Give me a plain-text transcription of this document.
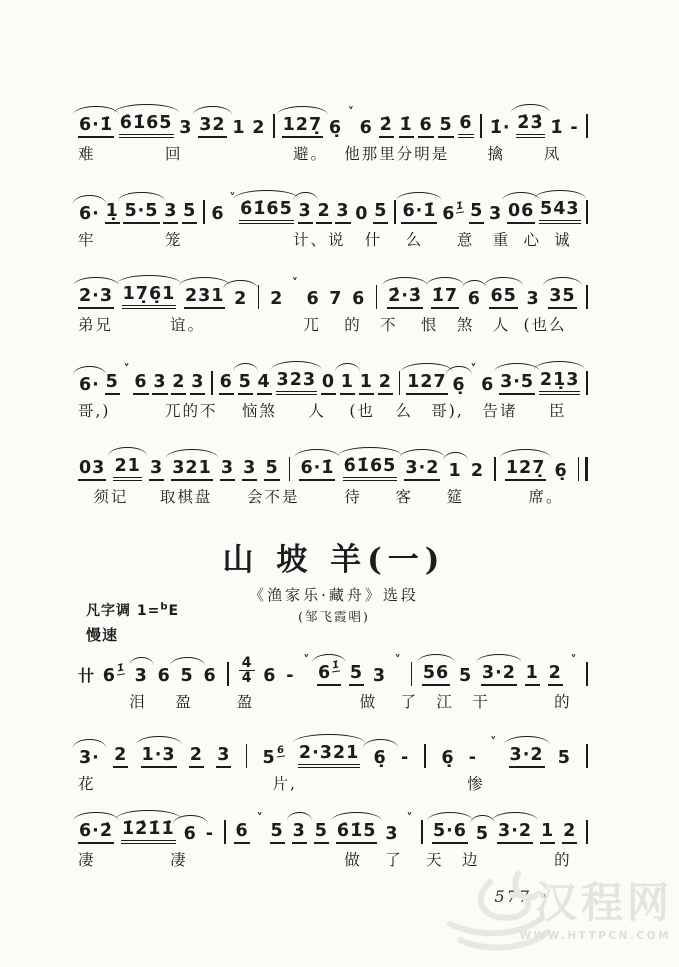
6·1̇ 6̇1̇65 3 32 1 2 127̣ 6̣
˅
6 2̇ 1̇ 6 5 6 1̇· 2̇3̇ 1̇ -
难	回	避。 他那里分明是 擒	凤
6· 1̣ 5·5 3 5 6
˅
6̇1̇65 3 2 3 0 5 6·1̇ $6^{1̇}$ 5 3 06 543
牢	笼	计、说 什 么 意 重 心 诚
2·3 17̣6̣1 231 2 2
˅
6 7 6 2̇·3̇ 1̇7 6 65 3 35
弟兄	谊。	兀 的 不 恨 煞 人 (也么
6· 5
˅
6 3 2 3 6 5 4 323 0 1 1 2 127 6̣
˅
6 3·5 21̣3
哥,)	兀的不 恼煞 人 (也 么 哥), 告诸 臣
03 21 3 321 3 3 5 6·1̇ 6̇1̇65 3·2 1 2 127̣ 6̣
须记 取棋盘 会不是	待 客 筵	席。
卄 $6^{1̇}$ 3 6 5 6
4
4 6 -
˅
$6^{1̇}$ 5 3
˅
56 5 3·2 1 2
˅
泪 盈	盈	做 了 江 干	的
3· 2 1·3 2 3 $5^6$ 2·321 6̣ - 6̣ -
˅
3·2 5
花	片,	惨
6·2̇ 1̇2̇1̇1̇ 6 - 6
˅
5 3 5 6̇1̇5 3
˅
5·6 5 3·2 1 2
凄	凄	做 了 天 边	的
山 坡 羊(一)
《渔家乐·藏舟》选段
(邹飞霞唱)
凡字调 1=$^b$E
慢速
• 577 •
汉程网
WWW.HTTPCN.COM
